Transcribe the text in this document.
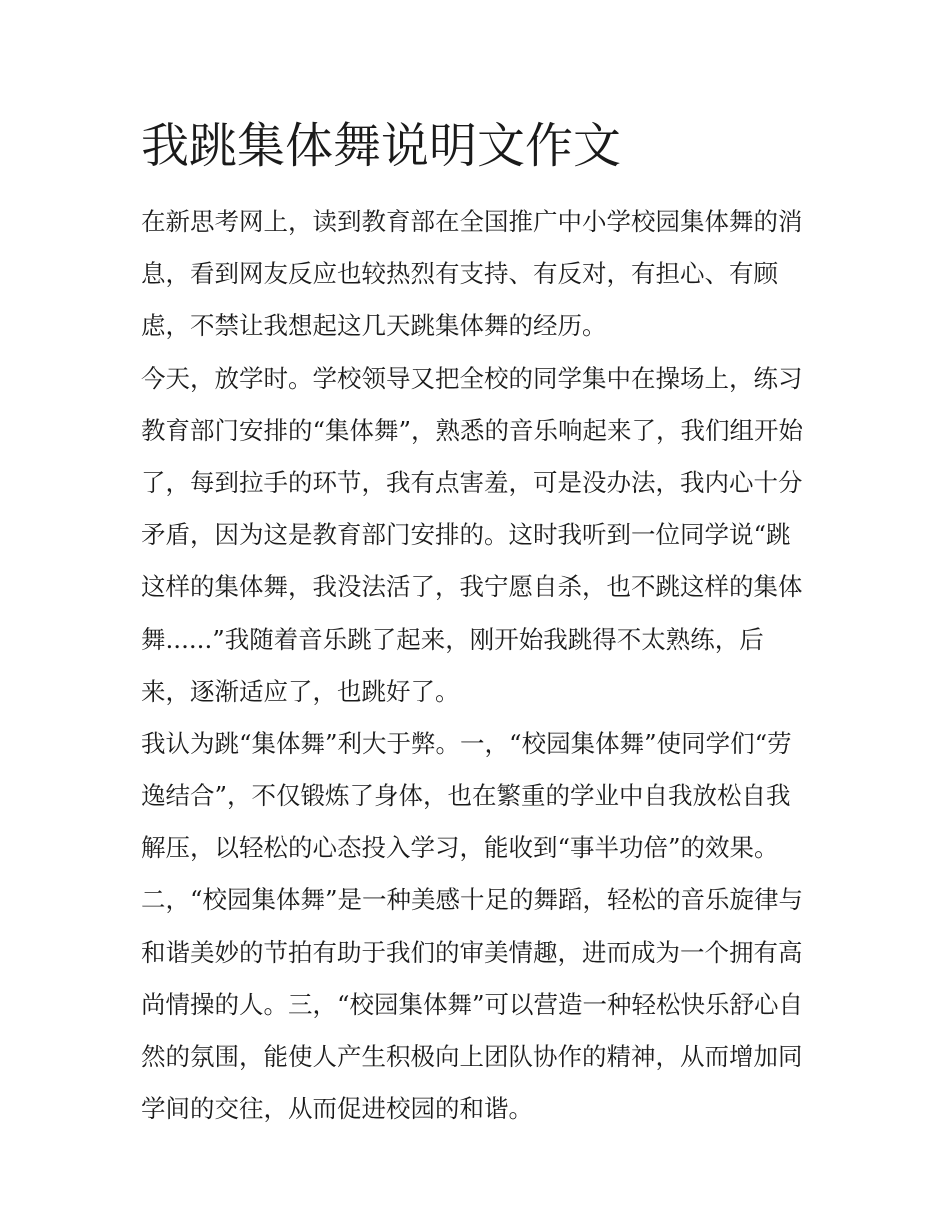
我跳集体舞说明文作文
在新思考网上，读到教育部在全国推广中小学校园集体舞的消
息，看到网友反应也较热烈有支持、有反对，有担心、有顾
虑，不禁让我想起这几天跳集体舞的经历。
今天，放学时。学校领导又把全校的同学集中在操场上，练习
教育部门安排的“集体舞”，熟悉的音乐响起来了，我们组开始
了，每到拉手的环节，我有点害羞，可是没办法，我内心十分
矛盾，因为这是教育部门安排的。这时我听到一位同学说“跳
这样的集体舞，我没法活了，我宁愿自杀，也不跳这样的集体
舞......”我随着音乐跳了起来，刚开始我跳得不太熟练，后
来，逐渐适应了，也跳好了。
我认为跳“集体舞”利大于弊。一，“校园集体舞”使同学们“劳
逸结合”，不仅锻炼了身体，也在繁重的学业中自我放松自我
解压，以轻松的心态投入学习，能收到“事半功倍”的效果。
二，“校园集体舞”是一种美感十足的舞蹈，轻松的音乐旋律与
和谐美妙的节拍有助于我们的审美情趣，进而成为一个拥有高
尚情操的人。三，“校园集体舞”可以营造一种轻松快乐舒心自
然的氛围，能使人产生积极向上团队协作的精神，从而增加同
学间的交往，从而促进校园的和谐。
